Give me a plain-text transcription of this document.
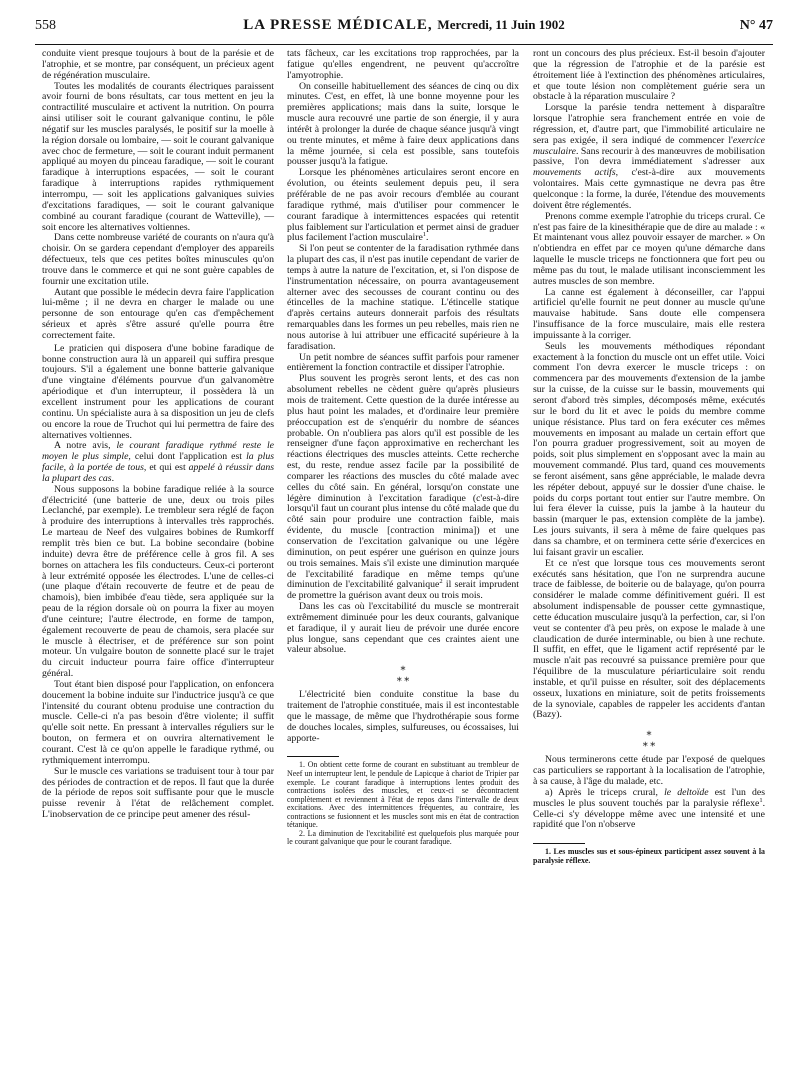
558	LA PRESSE MÉDICALE, Mercredi, 11 Juin 1902	N° 47

conduite vient presque toujours à bout de la parésie et de l'atrophie, et se montre, par conséquent, un précieux agent de régénération musculaire.

Toutes les modalités de courants électriques paraissent avoir fourni de bons résultats, car tous mettent en jeu la contractilité musculaire et activent la nutrition. On pourra ainsi utiliser soit le courant galvanique continu, le pôle négatif sur les muscles paralysés, le positif sur la moelle à la région dorsale ou lombaire, — soit le courant galvanique avec choc de fermeture, — soit le courant induit permanent appliqué au moyen du pinceau faradique, — soit le courant faradique à interruptions espacées, — soit le courant faradique à interruptions rapides rythmiquement interrompu, — soit les applications galvaniques suivies d'excitations faradiques, — soit le courant galvanique combiné au courant faradique (courant de Watteville), — soit encore les alternatives voltiennes.

Dans cette nombreuse variété de courants on n'aura qu'à choisir. On se gardera cependant d'employer des appareils défectueux, tels que ces petites boîtes minuscules qu'on trouve dans le commerce et qui ne sont guère capables de fournir une excitation utile.

Autant que possible le médecin devra faire l'application lui-même ; il ne devra en charger le malade ou une personne de son entourage qu'en cas d'empêchement sérieux et après s'être assuré qu'elle pourra être correctement faite.

Le praticien qui disposera d'une bobine faradique de bonne construction aura là un appareil qui suffira presque toujours. S'il a également une bonne batterie galvanique d'une vingtaine d'éléments pourvue d'un galvanomètre apériodique et d'un interrupteur, il possèdera là un excellent instrument pour les applications de courant continu. Un spécialiste aura à sa disposition un jeu de clefs ou encore la roue de Truchot qui lui permettra de faire des alternatives voltiennes.

A notre avis, le courant faradique rythmé reste le moyen le plus simple, celui dont l'application est la plus facile, à la portée de tous, et qui est appelé à réussir dans la plupart des cas.

Nous supposons la bobine faradique reliée à la source d'électricité (une batterie de une, deux ou trois piles Leclanché, par exemple). Le trembleur sera réglé de façon à produire des interruptions à intervalles très rapprochés. Le marteau de Neef des vulgaires bobines de Rumkorff remplit très bien ce but. La bobine secondaire (bobine induite) devra être de préférence celle à gros fil. A ses bornes on attachera les fils conducteurs. Ceux-ci porteront à leur extrémité opposée les électrodes. L'une de celles-ci (une plaque d'étain recouverte de feutre et de peau de chamois), bien imbibée d'eau tiède, sera appliquée sur la peau de la région dorsale où on pourra la fixer au moyen d'une ceinture; l'autre électrode, en forme de tampon, également recouverte de peau de chamois, sera placée sur le muscle à électriser, et de préférence sur son point moteur. Un vulgaire bouton de sonnette placé sur le trajet du circuit inducteur pourra faire office d'interrupteur général.

Tout étant bien disposé pour l'application, on enfoncera doucement la bobine induite sur l'inductrice jusqu'à ce que l'intensité du courant obtenu produise une contraction du muscle. Celle-ci n'a pas besoin d'être violente; il suffit qu'elle soit nette. En pressant à intervalles réguliers sur le bouton, on fermera et on ouvrira alternativement le courant. C'est là ce qu'on appelle le faradique rythmé, ou rythmiquement interrompu.

Sur le muscle ces variations se traduisent tour à tour par des périodes de contraction et de repos. Il faut que la durée de la période de repos soit suffisante pour que le muscle puisse revenir à l'état de relâchement complet. L'inobservation de ce principe peut amener des résul-

tats fâcheux, car les excitations trop rapprochées, par la fatigue qu'elles engendrent, ne peuvent qu'accroître l'amyotrophie.

On conseille habituellement des séances de cinq ou dix minutes. C'est, en effet, là une bonne moyenne pour les premières applications; mais dans la suite, lorsque le muscle aura recouvré une partie de son énergie, il y aura intérêt à prolonger la durée de chaque séance jusqu'à vingt ou trente minutes, et même à faire deux applications dans la même journée, si cela est possible, sans toutefois pousser jusqu'à la fatigue.

Lorsque les phénomènes articulaires seront encore en évolution, ou éteints seulement depuis peu, il sera préférable de ne pas avoir recours d'emblée au courant faradique rythmé, mais d'utiliser pour commencer le courant faradique à intermittences espacées qui retentit plus faiblement sur l'articulation et permet ainsi de graduer plus facilement l'action musculaire$^1$.

Si l'on peut se contenter de la faradisation rythmée dans la plupart des cas, il n'est pas inutile cependant de varier de temps à autre la nature de l'excitation, et, si l'on dispose de l'instrumentation nécessaire, on pourra avantageusement alterner avec des secousses de courant continu ou des étincelles de la machine statique. L'étincelle statique d'après certains auteurs donnerait parfois des résultats remarquables dans les formes un peu rebelles, mais rien ne nous autorise à lui attribuer une efficacité supérieure à la faradisation.

Un petit nombre de séances suffit parfois pour ramener entièrement la fonction contractile et dissiper l'atrophie.

Plus souvent les progrès seront lents, et des cas non absolument rebelles ne cèdent guère qu'après plusieurs mois de traitement. Cette question de la durée intéresse au plus haut point les malades, et d'ordinaire leur première préoccupation est de s'enquérir du nombre de séances probable. On n'oubliera pas alors qu'il est possible de les renseigner d'une façon approximative en recherchant les réactions électriques des muscles atteints. Cette recherche est, du reste, rendue assez facile par la possibilité de comparer les réactions des muscles du côté malade avec celles du côté sain. En général, lorsqu'on constate une légère diminution à l'excitation faradique (c'est-à-dire lorsqu'il faut un courant plus intense du côté malade que du côté sain pour produire une contraction faible, mais évidente, du muscle [contraction minima]) et une conservation de l'excitation galvanique ou une légère diminution, on peut espérer une guérison en quinze jours ou trois semaines. Mais s'il existe une diminution marquée de l'excitabilité faradique en même temps qu'une diminution de l'excitabilité galvanique$^2$ il serait imprudent de promettre la guérison avant deux ou trois mois.

Dans les cas où l'excitabilité du muscle se montrerait extrêmement diminuée pour les deux courants, galvanique et faradique, il y aurait lieu de prévoir une durée encore plus longue, sans cependant que ces craintes aient une valeur absolue.

⁎
⁎ ⁎

L'électricité bien conduite constitue la base du traitement de l'atrophie constituée, mais il est incontestable que le massage, de même que l'hydrothérapie sous forme de douches locales, simples, sulfureuses, ou écossaises, lui apporte-

1. On obtient cette forme de courant en substituant au trembleur de Neef un interrupteur lent, le pendule de Lapicque à chariot de Tripier par exemple. Le courant faradique à interruptions lentes produit des contractions isolées des muscles, et ceux-ci se décontractent complètement et reviennent à l'état de repos dans l'intervalle de deux excitations. Avec des intermittences fréquentes, au contraire, les contractions se fusionnent et les muscles sont mis en état de contraction tétanique.

2. La diminution de l'excitabilité est quelquefois plus marquée pour le courant galvanique que pour le courant faradique.

ront un concours des plus précieux. Est-il besoin d'ajouter que la régression de l'atrophie et de la parésie est étroitement liée à l'extinction des phénomènes articulaires, et que toute lésion non complètement guérie sera un obstacle à la réparation musculaire ?

Lorsque la parésie tendra nettement à disparaître lorsque l'atrophie sera franchement entrée en voie de régression, et, d'autre part, que l'immobilité articulaire ne sera pas exigée, il sera indiqué de commencer l'exercice musculaire. Sans recourir à des manœuvres de mobilisation passive, l'on devra immédiatement s'adresser aux mouvements actifs, c'est-à-dire aux mouvements volontaires. Mais cette gymnastique ne devra pas être quelconque : la forme, la durée, l'étendue des mouvements doivent être réglementés.

Prenons comme exemple l'atrophie du triceps crural. Ce n'est pas faire de la kinesithérapie que de dire au malade : « Et maintenant vous allez pouvoir essayer de marcher. » On n'obtiendra en effet par ce moyen qu'une démarche dans laquelle le muscle triceps ne fonctionnera que fort peu ou même pas du tout, le malade utilisant inconsciemment les autres muscles de son membre.

La canne est également à déconseiller, car l'appui artificiel qu'elle fournit ne peut donner au muscle qu'une mauvaise habitude. Sans doute elle compensera l'insuffisance de la force musculaire, mais elle restera impuissante à la corriger.

Seuls les mouvements méthodiques répondant exactement à la fonction du muscle ont un effet utile. Voici comment l'on devra exercer le muscle triceps : on commencera par des mouvements d'extension de la jambe sur la cuisse, de la cuisse sur le bassin, mouvements qui seront d'abord très simples, décomposés même, exécutés sur le bord du lit et avec le poids du membre comme unique résistance. Plus tard on fera exécuter ces mêmes mouvements en imposant au malade un certain effort que l'on pourra graduer progressivement, soit au moyen de poids, soit plus simplement en s'opposant avec la main au mouvement commandé. Plus tard, quand ces mouvements se feront aisément, sans gêne appréciable, le malade devra les répéter debout, appuyé sur le dossier d'une chaise. le poids du corps portant tout entier sur l'autre membre. On lui fera élever la cuisse, puis la jambe à la hauteur du bassin (marquer le pas, extension complète de la jambe). Les jours suivants, il sera à même de faire quelques pas dans sa chambre, et on terminera cette série d'exercices en lui faisant gravir un escalier.

Et ce n'est que lorsque tous ces mouvements seront exécutés sans hésitation, que l'on ne surprendra aucune trace de faiblesse, de boiterie ou de balayage, qu'on pourra considérer le malade comme définitivement guéri. Il est absolument indispensable de pousser cette gymnastique, cette éducation musculaire jusqu'à la perfection, car, si l'on veut se contenter d'à peu près, on expose le malade à une claudication de durée interminable, ou bien à une rechute. Il suffit, en effet, que le ligament actif représenté par le muscle n'ait pas recouvré sa puissance première pour que l'équilibre de la musculature périarticulaire soit rendu instable, et qu'il puisse en résulter, soit des déplacements osseux, luxations en miniature, soit de petits froissements de la synoviale, capables de rappeler les accidents d'antan (Bazy).

⁎
⁎ ⁎

Nous terminerons cette étude par l'exposé de quelques cas particuliers se rapportant à la localisation de l'atrophie, à sa cause, à l'âge du malade, etc.

a) Après le triceps crural, le deltoïde est l'un des muscles le plus souvent touchés par la paralysie réflexe$^1$. Celle-ci s'y développe même avec une intensité et une rapidité que l'on n'observe

1. Les muscles sus et sous-épineux participent assez souvent à la paralysie réflexe.
